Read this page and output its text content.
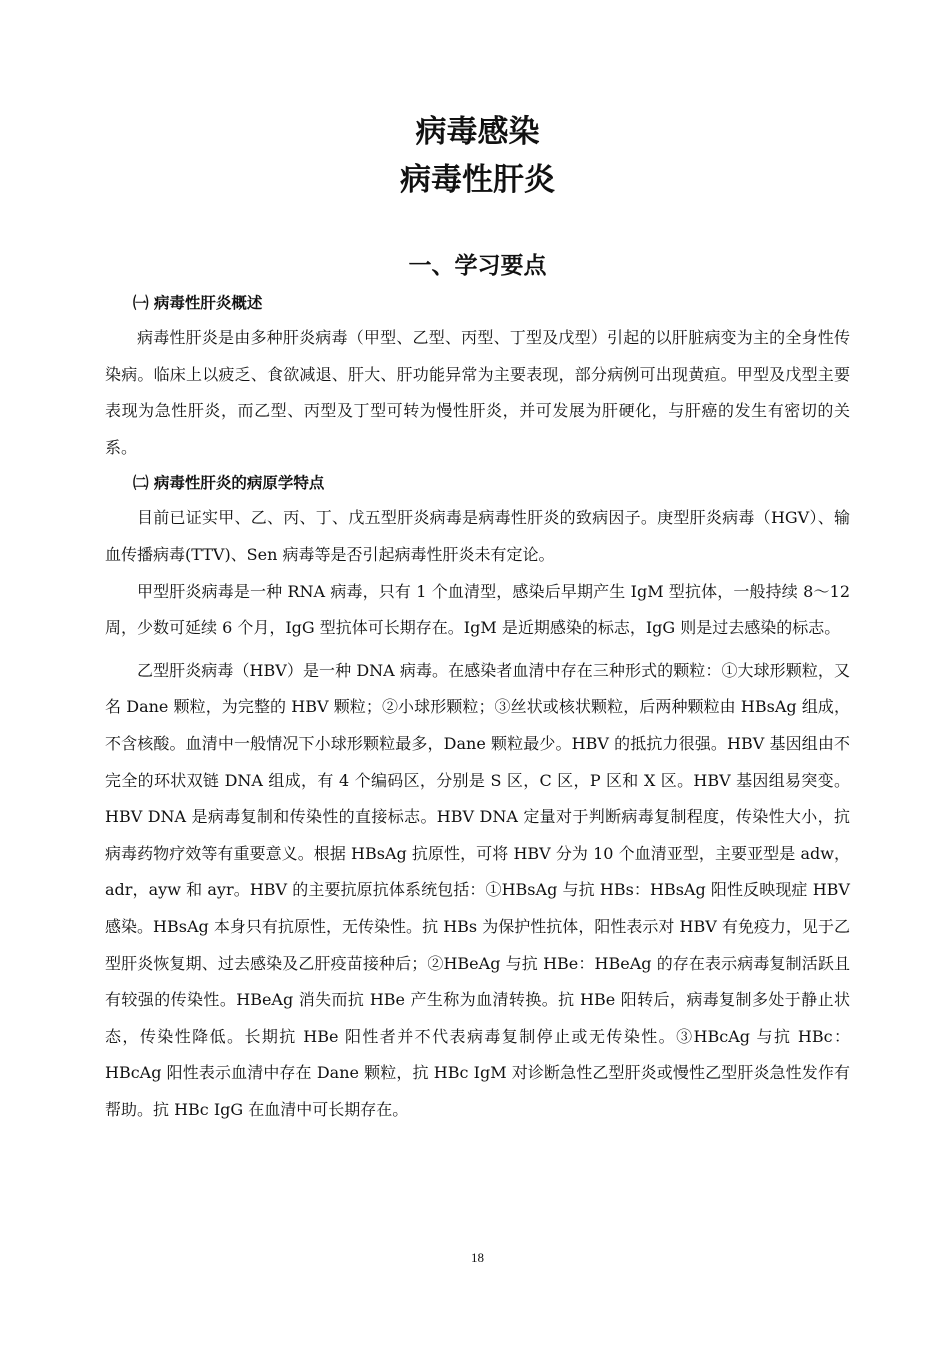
病毒感染
病毒性肝炎
一、学习要点
㈠ 病毒性肝炎概述

病毒性肝炎是由多种肝炎病毒（甲型、乙型、丙型、丁型及戊型）引起的以肝脏病变为主的全身性传染病。临床上以疲乏、食欲减退、肝大、肝功能异常为主要表现，部分病例可出现黄疸。甲型及戊型主要表现为急性肝炎，而乙型、丙型及丁型可转为慢性肝炎，并可发展为肝硬化，与肝癌的发生有密切的关系。

㈡ 病毒性肝炎的病原学特点

目前已证实甲、乙、丙、丁、戊五型肝炎病毒是病毒性肝炎的致病因子。庚型肝炎病毒（HGV）、输血传播病毒(TTV)、Sen 病毒等是否引起病毒性肝炎未有定论。

甲型肝炎病毒是一种 RNA 病毒，只有 1 个血清型，感染后早期产生 IgM 型抗体，一般持续 8～12 周，少数可延续 6 个月，IgG 型抗体可长期存在。IgM 是近期感染的标志，IgG 则是过去感染的标志。

乙型肝炎病毒（HBV）是一种 DNA 病毒。在感染者血清中存在三种形式的颗粒：①大球形颗粒，又名 Dane 颗粒，为完整的 HBV 颗粒；②小球形颗粒；③丝状或核状颗粒，后两种颗粒由 HBsAg 组成，不含核酸。血清中一般情况下小球形颗粒最多，Dane 颗粒最少。HBV 的抵抗力很强。HBV 基因组由不完全的环状双链 DNA 组成，有 4 个编码区，分别是 S 区，C 区，P 区和 X 区。HBV 基因组易突变。HBV DNA 是病毒复制和传染性的直接标志。HBV DNA 定量对于判断病毒复制程度，传染性大小，抗病毒药物疗效等有重要意义。根据 HBsAg 抗原性，可将 HBV 分为 10 个血清亚型，主要亚型是 adw，adr，ayw 和 ayr。HBV 的主要抗原抗体系统包括：①HBsAg 与抗 HBs：HBsAg 阳性反映现症 HBV 感染。HBsAg 本身只有抗原性，无传染性。抗 HBs 为保护性抗体，阳性表示对 HBV 有免疫力，见于乙型肝炎恢复期、过去感染及乙肝疫苗接种后；②HBeAg 与抗 HBe：HBeAg 的存在表示病毒复制活跃且有较强的传染性。HBeAg 消失而抗 HBe 产生称为血清转换。抗 HBe 阳转后，病毒复制多处于静止状态，传染性降低。长期抗 HBe 阳性者并不代表病毒复制停止或无传染性。③HBcAg 与抗 HBc：HBcAg 阳性表示血清中存在 Dane 颗粒，抗 HBc IgM 对诊断急性乙型肝炎或慢性乙型肝炎急性发作有帮助。抗 HBc IgG 在血清中可长期存在。

18
